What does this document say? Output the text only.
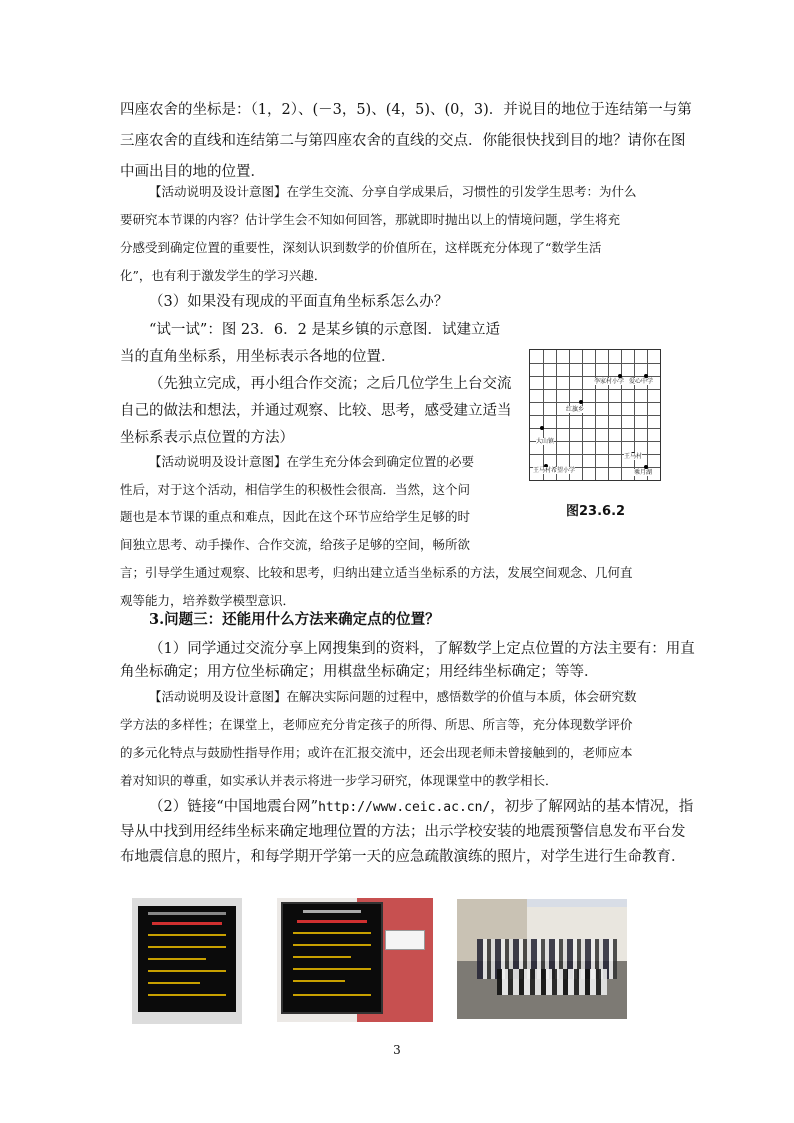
四座农舍的坐标是：（1，2）、(－3，5)、(4，5)、(0，3)．并说目的地位于连结第一与第

三座农舍的直线和连结第二与第四座农舍的直线的交点．你能很快找到目的地？请你在图

中画出目的地的位置．

【活动说明及设计意图】在学生交流、分享自学成果后，习惯性的引发学生思考：为什么

要研究本节课的内容？估计学生会不知如何回答，那就即时抛出以上的情境问题，学生将充

分感受到确定位置的重要性，深刻认识到数学的价值所在，这样既充分体现了“数学生活

化”，也有利于激发学生的学习兴趣．

（3）如果没有现成的平面直角坐标系怎么办？

“试一试”：图 23．6．2 是某乡镇的示意图．试建立适

当的直角坐标系，用坐标表示各地的位置．

（先独立完成，再小组合作交流；之后几位学生上台交流

自己的做法和想法，并通过观察、比较、思考，感受建立适当

坐标系表示点位置的方法）

【活动说明及设计意图】在学生充分体会到确定位置的必要

性后，对于这个活动，相信学生的积极性会很高．当然，这个问

题也是本节课的重点和难点，因此在这个环节应给学生足够的时

间独立思考、动手操作、合作交流，给孩子足够的空间，畅所欲

言；引导学生通过观察、比较和思考，归纳出建立适当坐标系的方法，发展空间观念、几何直

观等能力，培养数学模型意识．

李家村小学 爱心中学
红旗乡
大山镇
王马村
王马村希望小学	乘月湖

图23.6.2

3.问题三：还能用什么方法来确定点的位置？

（1）同学通过交流分享上网搜集到的资料，了解数学上定点位置的方法主要有：用直

角坐标确定；用方位坐标确定；用棋盘坐标确定；用经纬坐标确定；等等．

【活动说明及设计意图】在解决实际问题的过程中，感悟数学的价值与本质，体会研究数

学方法的多样性；在课堂上，老师应充分肯定孩子的所得、所思、所言等，充分体现数学评价

的多元化特点与鼓励性指导作用；或许在汇报交流中，还会出现老师未曾接触到的，老师应本

着对知识的尊重，如实承认并表示将进一步学习研究，体现课堂中的教学相长．

（2）链接“中国地震台网”http://www.ceic.ac.cn/，初步了解网站的基本情况，指

导从中找到用经纬坐标来确定地理位置的方法；出示学校安装的地震预警信息发布平台发

布地震信息的照片，和每学期开学第一天的应急疏散演练的照片，对学生进行生命教育．

3
